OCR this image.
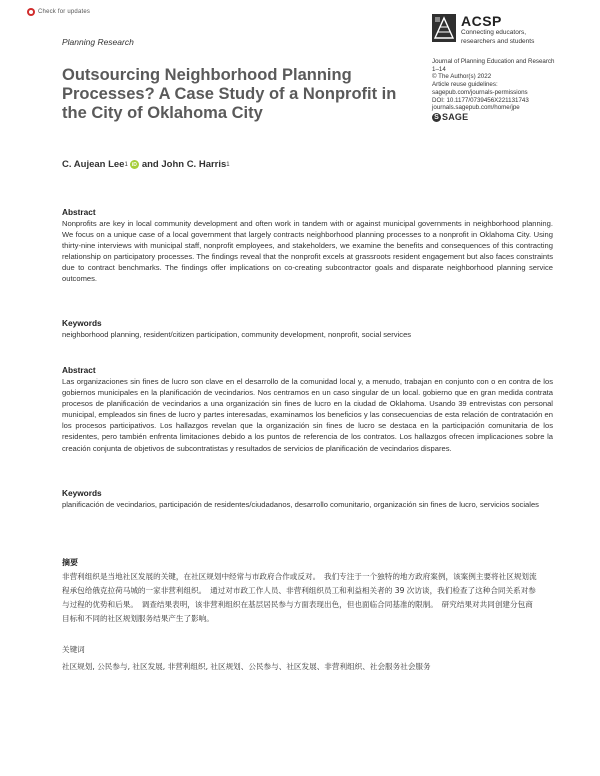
Check for updates
Planning Research
ACSP
Connecting educators,
researchers and students
Outsourcing Neighborhood Planning Processes? A Case Study of a Nonprofit in the City of Oklahoma City
Journal of Planning Education and Research
1–14
© The Author(s) 2022
Article reuse guidelines:
sagepub.com/journals-permissions
DOI: 10.1177/0739456X221131743
journals.sagepub.com/home/jpe
S SAGE
C. Aujean Lee 1 iD and John C. Harris 1
Abstract

Nonprofits are key in local community development and often work in tandem with or against municipal governments in neighborhood planning. We focus on a unique case of a local government that largely contracts neighborhood planning processes to a nonprofit in Oklahoma City. Using thirty-nine interviews with municipal staff, nonprofit employees, and stakeholders, we examine the benefits and consequences of this contracting relationship on participatory processes. The findings reveal that the nonprofit excels at grassroots resident engagement but also faces constraints due to contract benchmarks. The findings offer implications on co-creating subcontractor goals and disparate neighborhood planning service outcomes.

Keywords

neighborhood planning, resident/citizen participation, community development, nonprofit, social services

Abstract

Las organizaciones sin fines de lucro son clave en el desarrollo de la comunidad local y, a menudo, trabajan en conjunto con o en contra de los gobiernos municipales en la planificación de vecindarios. Nos centramos en un caso singular de un local. gobierno que en gran medida contrata procesos de planificación de vecindarios a una organización sin fines de lucro en la ciudad de Oklahoma. Usando 39 entrevistas con personal municipal, empleados sin fines de lucro y partes interesadas, examinamos los beneficios y las consecuencias de esta relación de contratación en los procesos participativos. Los hallazgos revelan que la organización sin fines de lucro se destaca en la participación comunitaria de los residentes, pero también enfrenta limitaciones debido a los puntos de referencia de los contratos. Los hallazgos ofrecen implicaciones sobre la creación conjunta de objetivos de subcontratistas y resultados de servicios de planificación de vecindarios dispares.

Keywords

planificación de vecindarios, participación de residentes/ciudadanos, desarrollo comunitario, organización sin fines de lucro, servicios sociales

摘要

非营利组织是当地社区发展的关键，在社区规划中经常与市政府合作或反对。　我们专注于一个独特的地方政府案例，该案例主要将社区规划流程承包给俄克拉荷马城的一家非营利组织。　通过对市政工作人员、非营利组织员工和利益相关者的 39 次访谈，我们检查了这种合同关系对参与过程的优势和后果。　调查结果表明，该非营利组织在基层居民参与方面表现出色，但也面临合同基准的限制。　研究结果对共同创建分包商目标和不同的社区规划服务结果产生了影响。

关键词

社区规划, 公民参与, 社区发展, 非营利组织, 社区规划、公民参与、社区发展、非营利组织、社会服务社会服务
